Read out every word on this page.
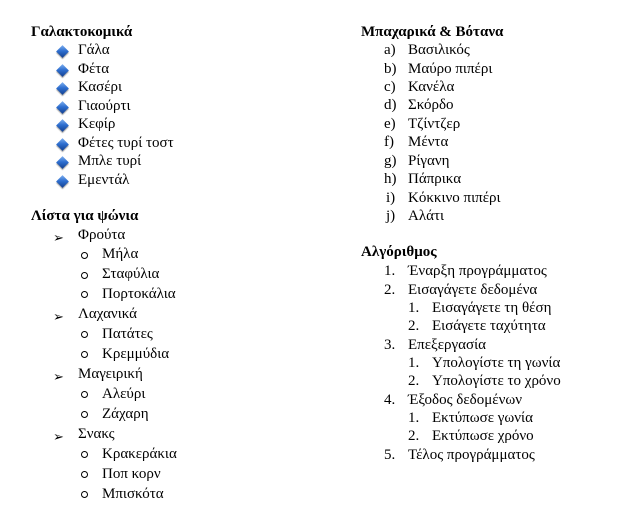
Γαλακτοκομικά
Γάλα
Φέτα
Κασέρι
Γιαούρτι
Κεφίρ
Φέτες τυρί τοστ
Μπλε τυρί
Εμεντάλ
Λίστα για ψώνια
➢ Φρούτα
Μήλα
Σταφύλια
Πορτοκάλια
➢ Λαχανικά
Πατάτες
Κρεμμύδια
➢ Μαγειρική
Αλεύρι
Ζάχαρη
➢ Σνακς
Κρακεράκια
Ποπ κορν
Μπισκότα
Μπαχαρικά & Βότανα
a) Βασιλικός
b) Μαύρο πιπέρι
c) Κανέλα
d) Σκόρδο
e) Τζίντζερ
f) Μέντα
g) Ρίγανη
h) Πάπρικα
i) Κόκκινο πιπέρι
j) Αλάτι
Αλγόριθμος
1. Έναρξη προγράμματος
2. Εισαγάγετε δεδομένα
1. Εισαγάγετε τη θέση
2. Εισάγετε ταχύτητα
3. Επεξεργασία
1. Υπολογίστε τη γωνία
2. Υπολογίστε το χρόνο
4. Έξοδος δεδομένων
1. Εκτύπωσε γωνία
2. Εκτύπωσε χρόνο
5. Τέλος προγράμματος
